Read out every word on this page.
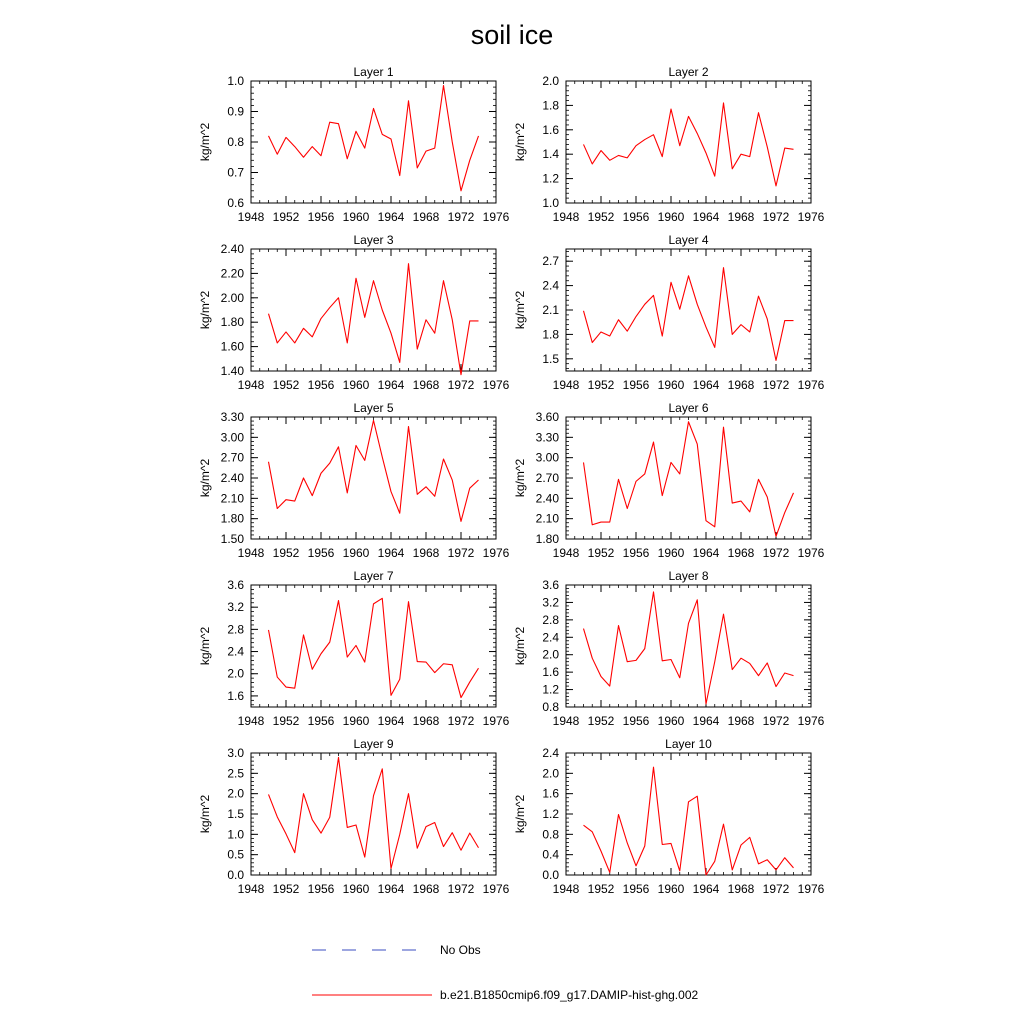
soil ice
1948 1952 1956 1960 1964 1968 1972 1976
0.6
0.7
0.8
0.9
1.0
Layer 1
kg/m^2
1948 1952 1956 1960 1964 1968 1972 1976
1.0
1.2
1.4
1.6
1.8
2.0
Layer 2
kg/m^2
1948 1952 1956 1960 1964 1968 1972 1976
1.40
1.60
1.80
2.00
2.20
2.40
Layer 3
kg/m^2
1948 1952 1956 1960 1964 1968 1972 1976
1.5
1.8
2.1
2.4
2.7
Layer 4
kg/m^2
1948 1952 1956 1960 1964 1968 1972 1976
1.50
1.80
2.10
2.40
2.70
3.00
3.30
Layer 5
kg/m^2
1948 1952 1956 1960 1964 1968 1972 1976
1.80
2.10
2.40
2.70
3.00
3.30
3.60
Layer 6
kg/m^2
1948 1952 1956 1960 1964 1968 1972 1976
1.6
2.0
2.4
2.8
3.2
3.6
Layer 7
kg/m^2
1948 1952 1956 1960 1964 1968 1972 1976
0.8
1.2
1.6
2.0
2.4
2.8
3.2
3.6
Layer 8
kg/m^2
1948 1952 1956 1960 1964 1968 1972 1976
0.0
0.5
1.0
1.5
2.0
2.5
3.0
Layer 9
kg/m^2
1948 1952 1956 1960 1964 1968 1972 1976
0.0
0.4
0.8
1.2
1.6
2.0
2.4
Layer 10
kg/m^2
No Obs
b.e21.B1850cmip6.f09_g17.DAMIP-hist-ghg.002
